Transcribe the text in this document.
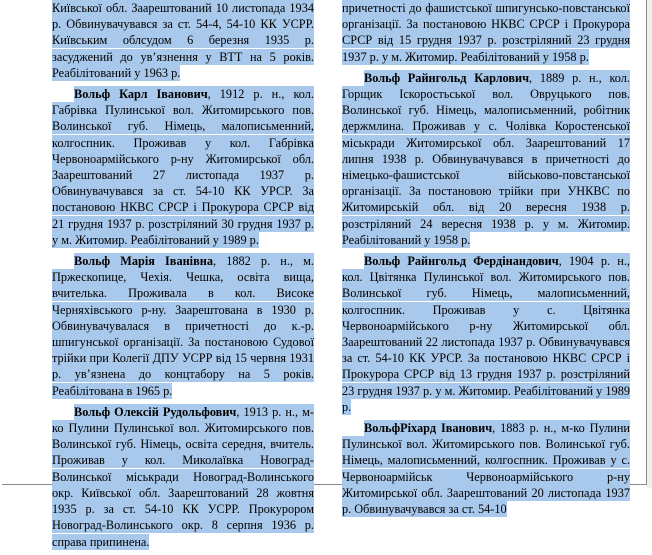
Київської обл. Заарештований 10 листопада 1934 р. Обвинувачувався за ст. 54-4, 54-10 КК УСРР. Київським облсудом 6 березня 1935 р. засуджений до ув’язнення у ВТТ на 5 років. Реабілітований у 1963 р.

Вольф Карл Іванович, 1912 р. н., кол. Габрівка Пулинської вол. Житомирського пов. Волинської губ. Німець, малописьменний, колгоспник. Проживав у кол. Габрівка Червоноармійського р-ну Житомирської обл. Заарештований 27 листопада 1937 р. Обвинувачувався за ст. 54-10 КК УРСР. За постановою НКВС СРСР і Прокурора СРСР від 21 грудня 1937 р. розстріляний 30 грудня 1937 р. у м. Житомир. Реабілітований у 1989 р.

Вольф Марія Іванівна, 1882 р. н., м. Пржескопице, Чехія. Чешка, освіта вища, вчителька. Проживала в кол. Високе Черняхівського р-ну. Заарештована в 1930 р. Обвинувачувалася в причетності до к.-р. шпигунської організації. За постановою Судової трійки при Колегії ДПУ УСРР від 15 червня 1931 р. ув’язнена до концтабору на 5 років. Реабілітована в 1965 р.

Вольф Олексій Рудольфович, 1913 р. н., м-ко Пулини Пулинської вол. Житомирського пов. Волинської губ. Німець, освіта середня, вчитель. Проживав у кол. Миколаївка Новоград-Волинської міськради Новоград-Волинського окр. Київської обл. Заарештований 28 жовтня 1935 р. за ст. 54-10 КК УСРР. Прокурором Новоград-Волинського окр. 8 серпня 1936 р. справа припинена.

причетності до фашистської шпигунсько-повстанської організації. За постановою НКВС СРСР і Прокурора СРСР від 15 грудня 1937 р. розстріляний 23 грудня 1937 р. у м. Житомир. Реабілітований у 1958 р.

Вольф Райнгольд Карлович, 1889 р. н., кол. Горщик Іскоростьської вол. Овруцького пов. Волинської губ. Німець, малописьменний, робітник держмлина. Проживав у с. Чолівка Коростенської міськради Житомирської обл. Заарештований 17 липня 1938 р. Обвинувачувався в причетності до німецько-фашистської військово-повстанської організації. За постановою трійки при УНКВС по Житомирській обл. від 20 вересня 1938 р. розстріляний 24 вересня 1938 р. у м. Житомир. Реабілітований у 1958 р.

Вольф Райнгольд Фердінандович, 1904 р. н., кол. Цвітянка Пулинської вол. Житомирського пов. Волинської губ. Німець, малописьменний, колгоспник. Проживав у с. Цвітянка Червоноармійського р-ну Житомирської обл. Заарештований 22 листопада 1937 р. Обвинувачувався за ст. 54-10 КК УРСР. За постановою НКВС СРСР і Прокурора СРСР від 13 грудня 1937 р. розстріляний 23 грудня 1937 р. у м. Житомир. Реабілітований у 1989 р.

ВольфРіхард Іванович, 1883 р. н., м-ко Пулини Пулинської вол. Житомирського пов. Волинської губ. Німець, малописьменний, колгоспник. Проживав у с. Червоноармійськ Червоноармійського р-ну Житомирської обл. Заарештований 20 листопада 1937 р. Обвинувачувався за ст. 54-10
